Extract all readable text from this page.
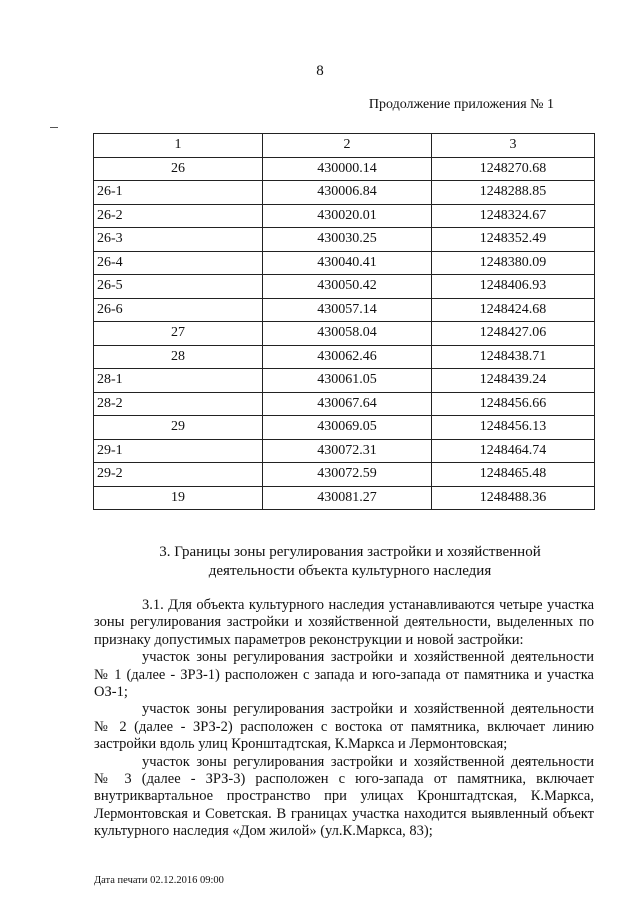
8
Продолжение приложения № 1
1	2	3
26	430000.14	1248270.68
26-1	430006.84	1248288.85
26-2	430020.01	1248324.67
26-3	430030.25	1248352.49
26-4	430040.41	1248380.09
26-5	430050.42	1248406.93
26-6	430057.14	1248424.68
27	430058.04	1248427.06
28	430062.46	1248438.71
28-1	430061.05	1248439.24
28-2	430067.64	1248456.66
29	430069.05	1248456.13
29-1	430072.31	1248464.74
29-2	430072.59	1248465.48
19	430081.27	1248488.36
3. Границы зоны регулирования застройки и хозяйственной
деятельности объекта культурного наследия

3.1. Для объекта культурного наследия устанавливаются четыре участка зоны регулирования застройки и хозяйственной деятельности, выделенных по признаку допустимых параметров реконструкции и новой застройки:

участок зоны регулирования застройки и хозяйственной деятельности № 1 (далее - ЗРЗ-1) расположен с запада и юго-запада от памятника и участка ОЗ-1;

участок зоны регулирования застройки и хозяйственной деятельности № 2 (далее - ЗРЗ-2) расположен с востока от памятника, включает линию застройки вдоль улиц Кронштадтская, К.Маркса и Лермонтовская;

участок зоны регулирования застройки и хозяйственной деятельности № 3 (далее - ЗРЗ-3) расположен с юго-запада от памятника, включает внутриквартальное пространство при улицах Кронштадтская, К.Маркса, Лермонтовская и Советская. В границах участка находится выявленный объект культурного наследия «Дом жилой» (ул.К.Маркса, 83);

Дата печати 02.12.2016 09:00
